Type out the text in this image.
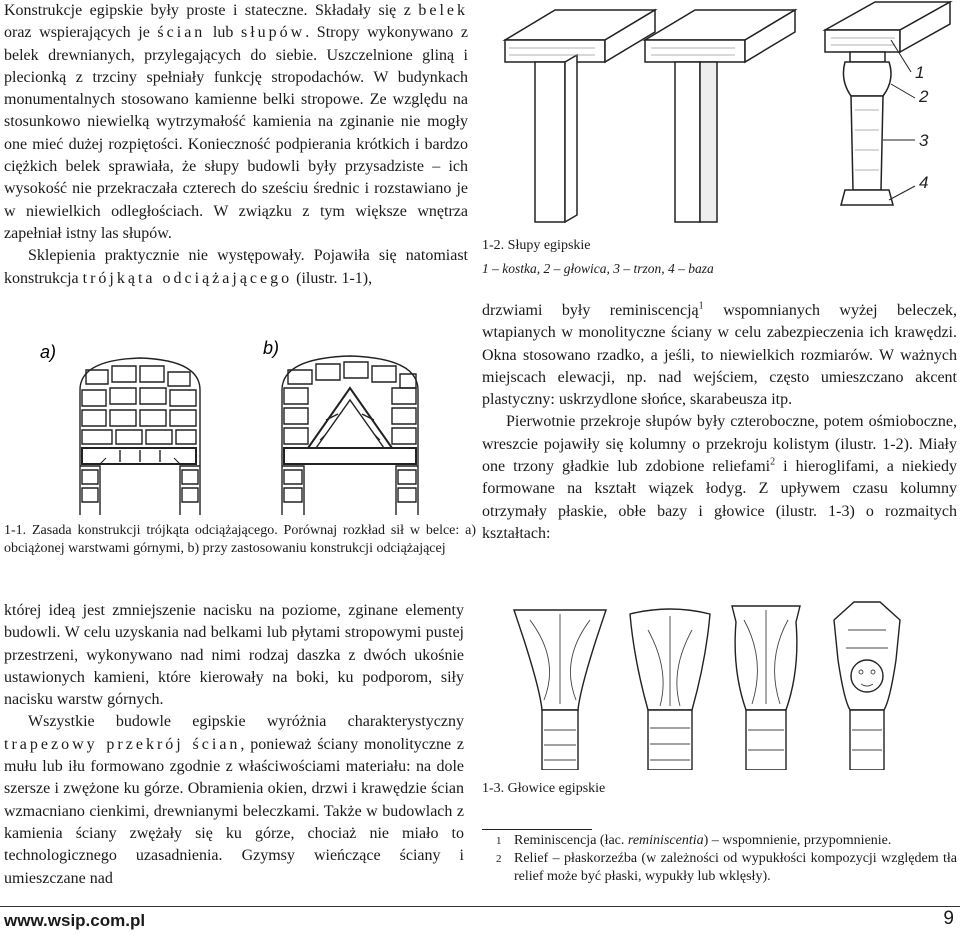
Konstrukcje egipskie były proste i stateczne. Składały się z belek oraz wspierających je ścian lub słupów. Stropy wykonywano z belek drewnianych, przylegających do siebie. Uszczelnione gliną i plecionką z trzciny spełniały funkcję stropodachów. W budynkach monumentalnych stosowano kamienne belki stropowe. Ze względu na stosunkowo niewielką wytrzymałość kamienia na zginanie nie mogły one mieć dużej rozpiętości. Konieczność podpierania krótkich i bardzo ciężkich belek sprawiała, że słupy budowli były przysadziste – ich wysokość nie przekraczała czterech do sześciu średnic i rozstawiano je w niewielkich odległościach. W związku z tym większe wnętrza zapełniał istny las słupów.

Sklepienia praktycznie nie występowały. Pojawiła się natomiast konstrukcja trójkąta odciążającego (ilustr. 1-1),

a)	b)
1-1. Zasada konstrukcji trójkąta odciążającego. Porównaj rozkład sił w belce: a) obciążonej warstwami górnymi, b) przy zastosowaniu konstrukcji odciążającej

której ideą jest zmniejszenie nacisku na poziome, zginane elementy budowli. W celu uzyskania nad belkami lub płytami stropowymi pustej przestrzeni, wykonywano nad nimi rodzaj daszka z dwóch ukośnie ustawionych kamieni, które kierowały na boki, ku podporom, siły nacisku warstw górnych.

Wszystkie budowle egipskie wyróżnia charakterystyczny trapezowy przekrój ścian, ponieważ ściany monolityczne z mułu lub iłu formowano zgodnie z właściwościami materiału: na dole szersze i zwężone ku górze. Obramienia okien, drzwi i krawędzie ścian wzmacniano cienkimi, drewnianymi beleczkami. Także w budowlach z kamienia ściany zwężały się ku górze, chociaż nie miało to technologicznego uzasadnienia. Gzymsy wieńczące ściany i umieszczane nad

1
2
3
4
1-2. Słupy egipskie
1 – kostka, 2 – głowica, 3 – trzon, 4 – baza

drzwiami były reminiscencją$^1$ wspomnianych wyżej beleczek, wtapianych w monolityczne ściany w celu zabezpieczenia ich krawędzi. Okna stosowano rzadko, a jeśli, to niewielkich rozmiarów. W ważnych miejscach elewacji, np. nad wejściem, często umieszczano akcent plastyczny: uskrzydlone słońce, skarabeusza itp.

Pierwotnie przekroje słupów były czteroboczne, potem ośmioboczne, wreszcie pojawiły się kolumny o przekroju kolistym (ilustr. 1-2). Miały one trzony gładkie lub zdobione reliefami$^2$ i hieroglifami, a niekiedy formowane na kształt wiązek łodyg. Z upływem czasu kolumny otrzymały płaskie, obłe bazy i głowice (ilustr. 1-3) o rozmaitych kształtach:

1-3. Głowice egipskie
1 Reminiscencja (łac. reminiscentia) – wspomnienie, przypomnienie.
2 Relief – płaskorzeźba (w zależności od wypukłości kompozycji względem tła relief może być płaski, wypukły lub wklęsły).
www.wsip.com.pl	9
